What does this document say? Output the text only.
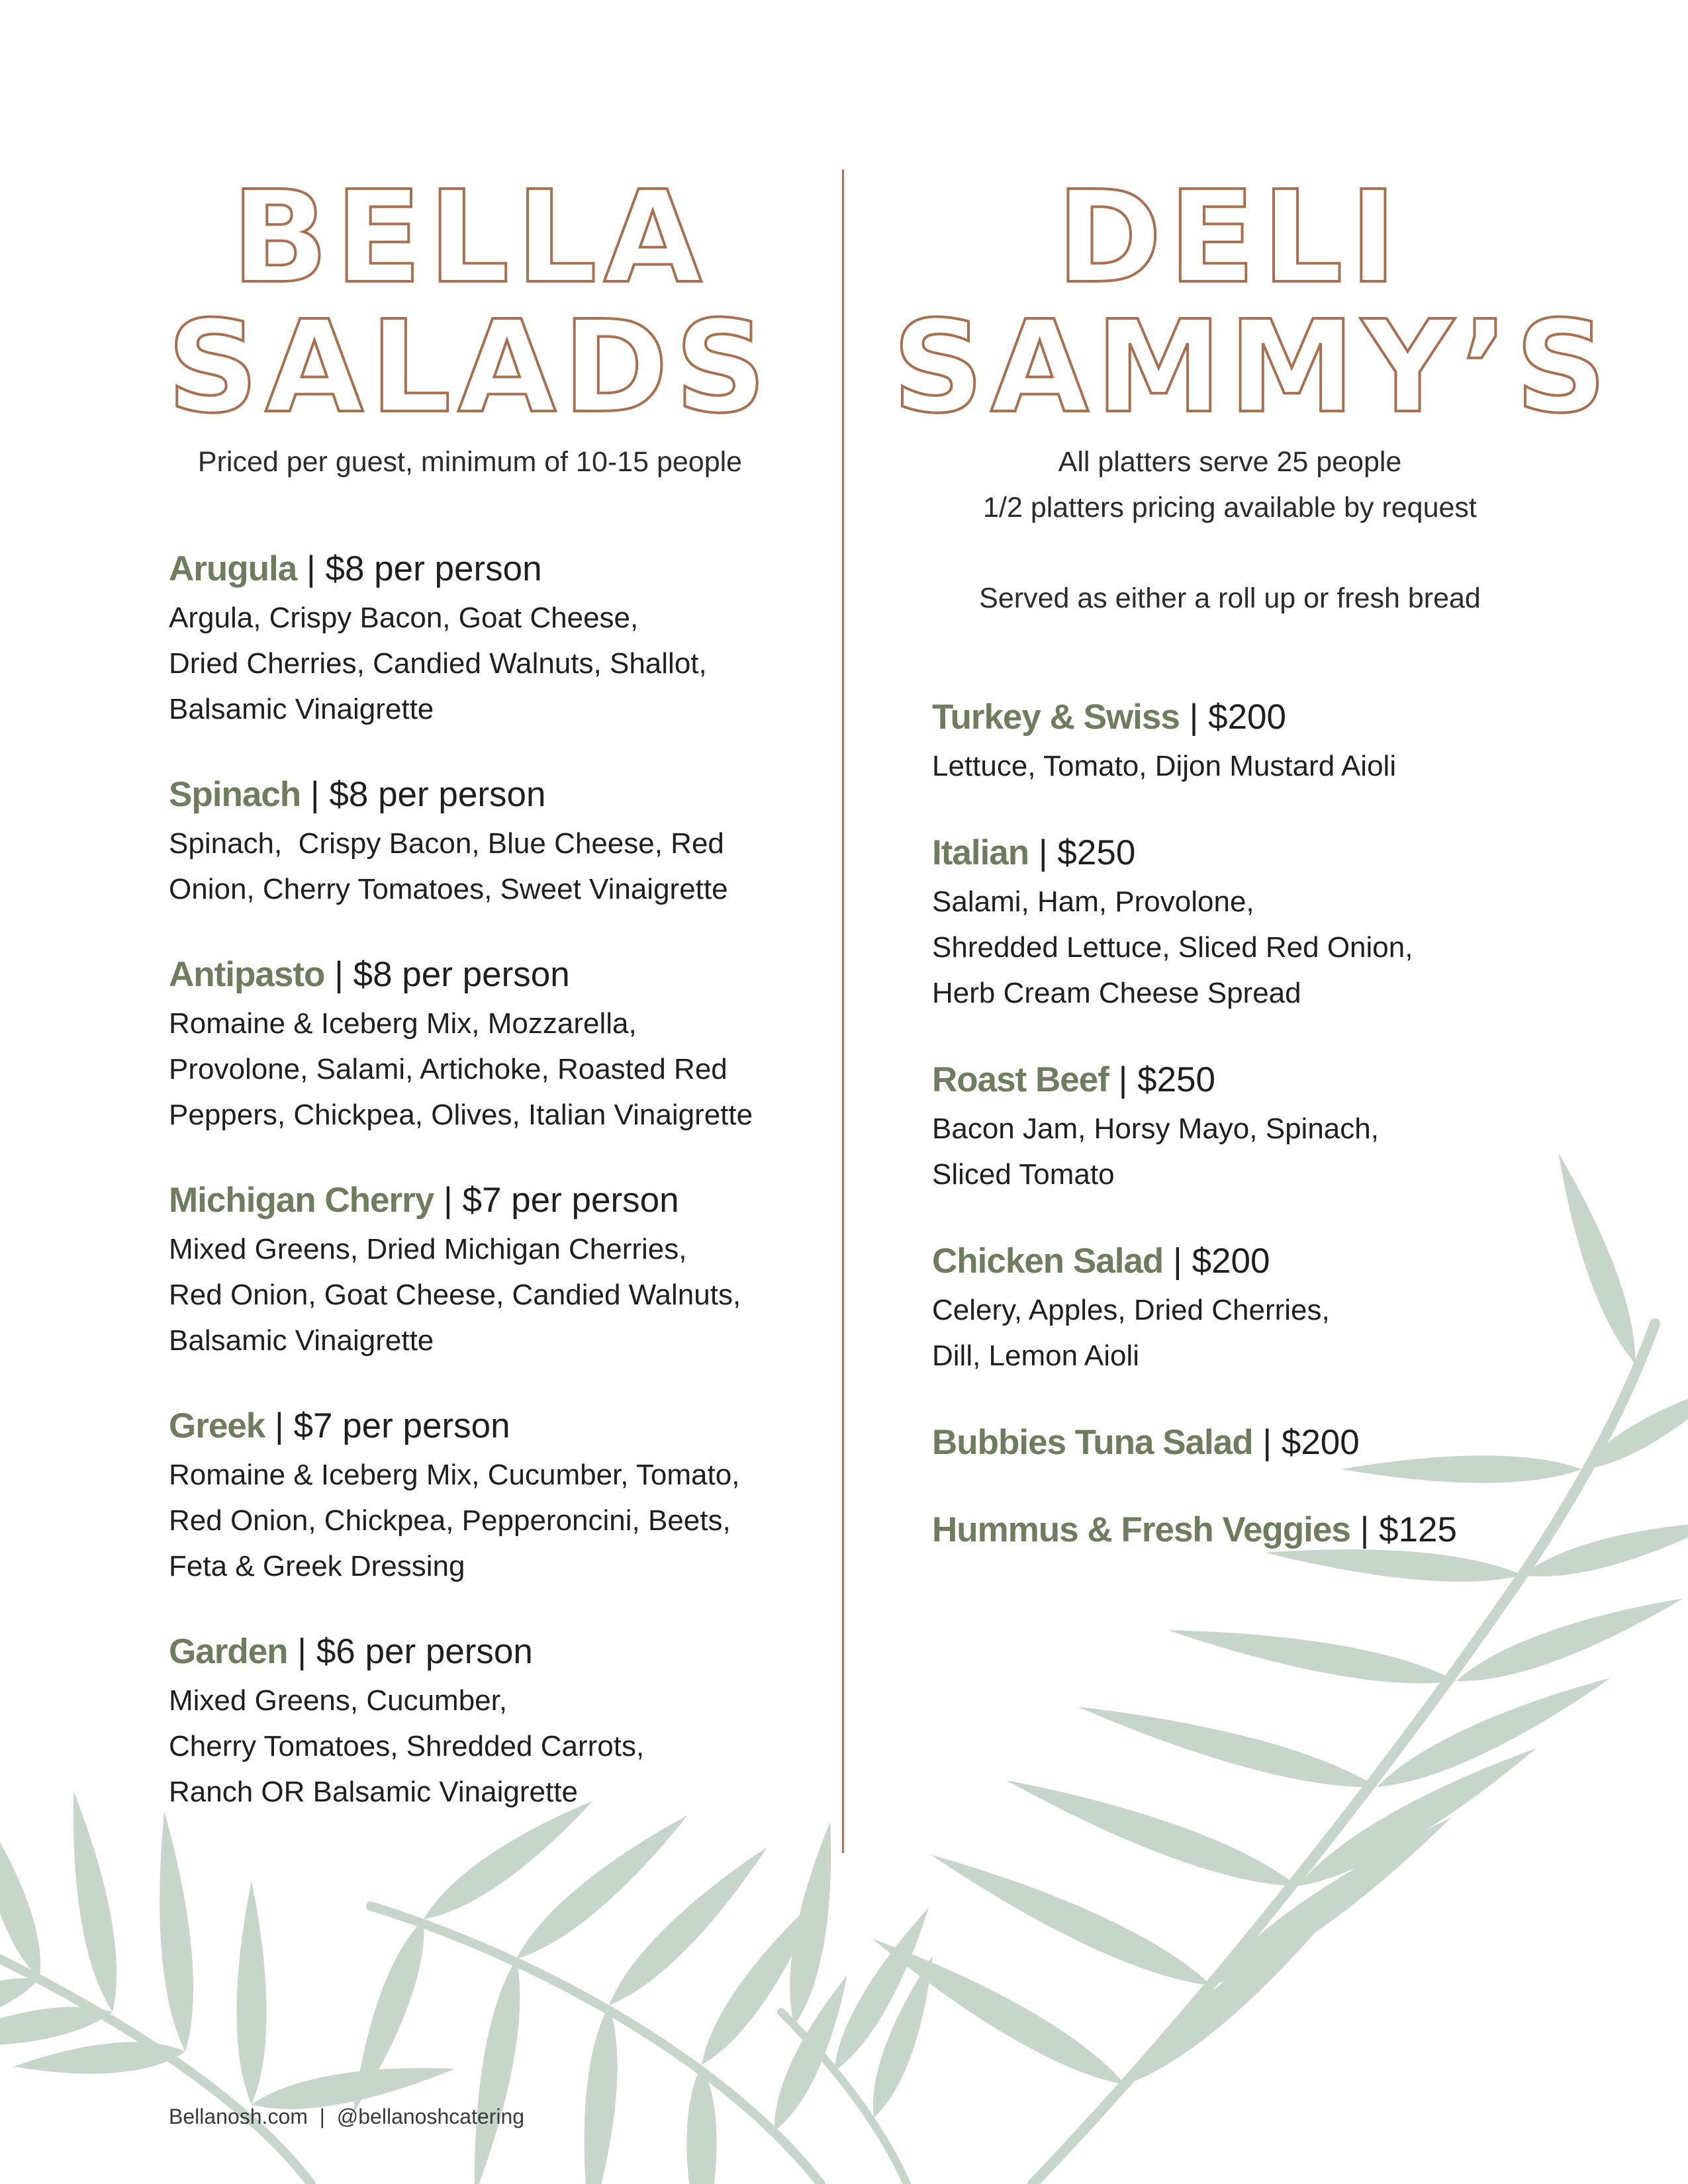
BELLA
SALADS
Priced per guest, minimum of 10-15 people
Arugula | $8 per person
Argula, Crispy Bacon, Goat Cheese,
Dried Cherries, Candied Walnuts, Shallot,
Balsamic Vinaigrette
Spinach | $8 per person
Spinach,  Crispy Bacon, Blue Cheese, Red
Onion, Cherry Tomatoes, Sweet Vinaigrette
Antipasto | $8 per person
Romaine & Iceberg Mix, Mozzarella,
Provolone, Salami, Artichoke, Roasted Red
Peppers, Chickpea, Olives, Italian Vinaigrette
Michigan Cherry | $7 per person
Mixed Greens, Dried Michigan Cherries,
Red Onion, Goat Cheese, Candied Walnuts,
Balsamic Vinaigrette
Greek | $7 per person
Romaine & Iceberg Mix, Cucumber, Tomato,
Red Onion, Chickpea, Pepperoncini, Beets,
Feta & Greek Dressing
Garden | $6 per person
Mixed Greens, Cucumber,
Cherry Tomatoes, Shredded Carrots,
Ranch OR Balsamic Vinaigrette
DELI
SAMMY’S
All platters serve 25 people
1/2 platters pricing available by request
Served as either a roll up or fresh bread
Turkey & Swiss | $200
Lettuce, Tomato, Dijon Mustard Aioli
Italian | $250
Salami, Ham, Provolone,
Shredded Lettuce, Sliced Red Onion,
Herb Cream Cheese Spread
Roast Beef | $250
Bacon Jam, Horsy Mayo, Spinach,
Sliced Tomato
Chicken Salad | $200
Celery, Apples, Dried Cherries,
Dill, Lemon Aioli
Bubbies Tuna Salad | $200
Hummus & Fresh Veggies | $125
Bellanosh.com | @bellanoshcatering
